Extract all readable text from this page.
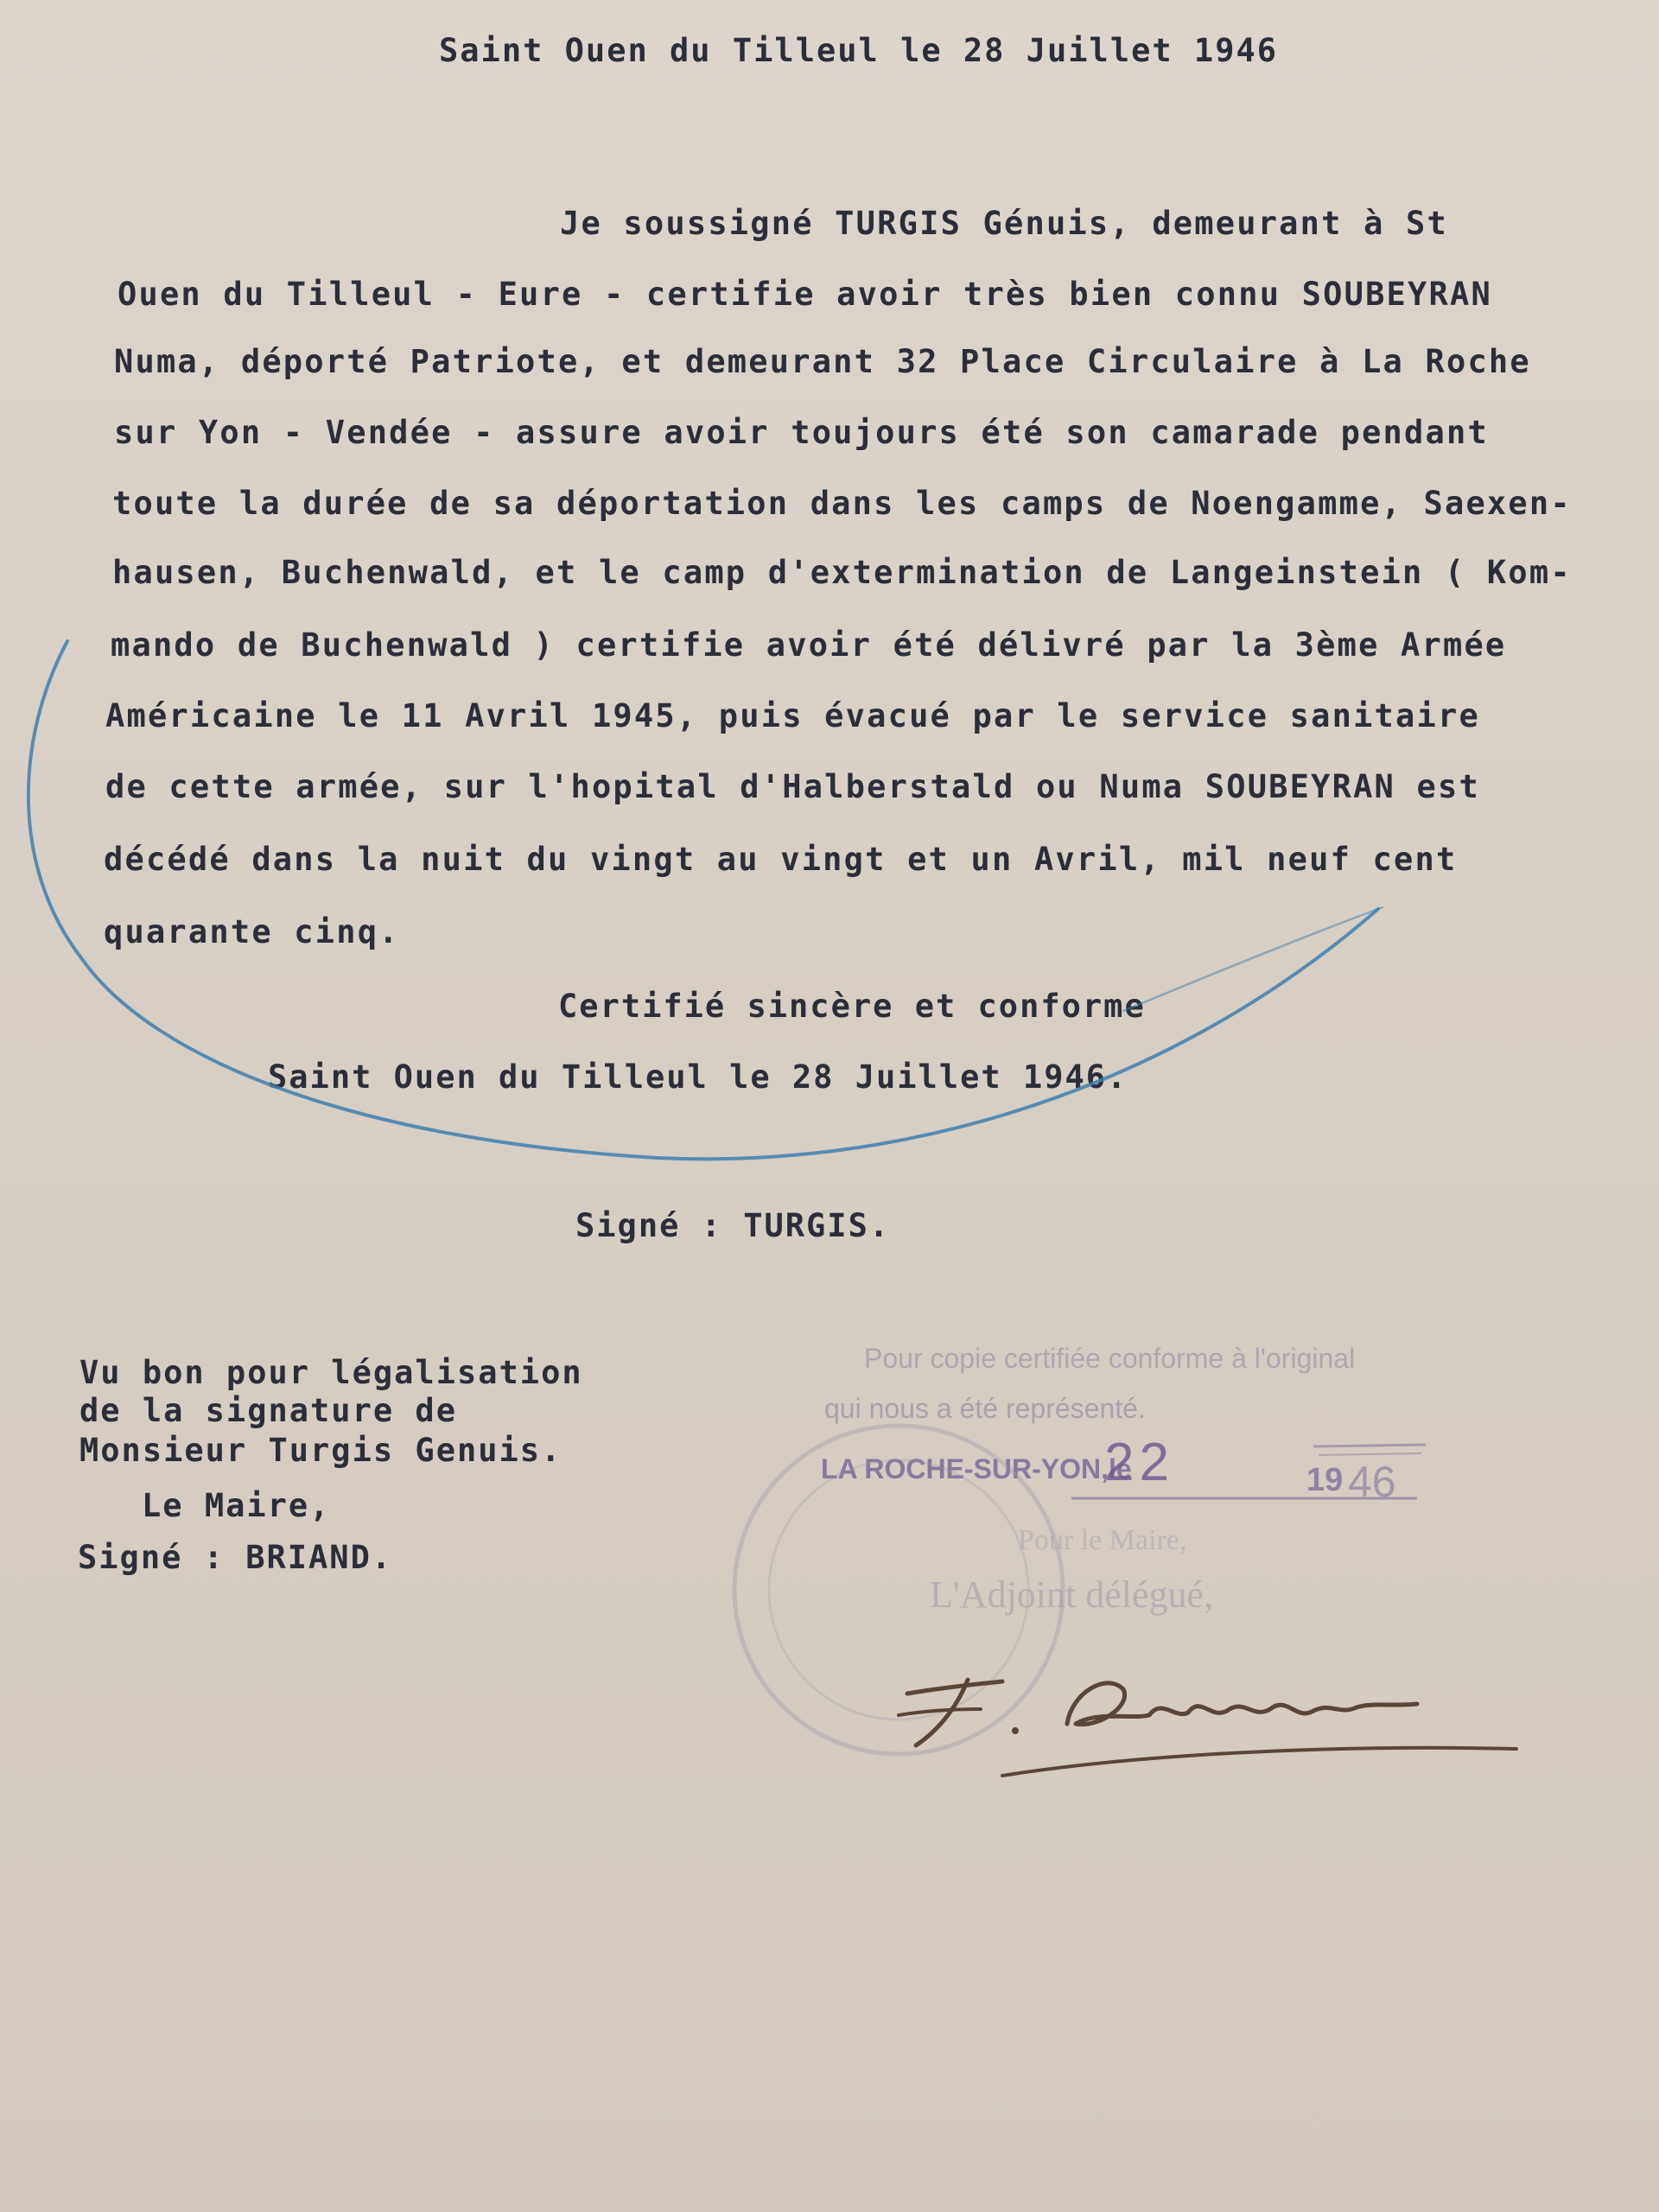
Saint Ouen du Tilleul le 28 Juillet 1946
Je soussigné TURGIS Génuis, demeurant à St
Ouen du Tilleul - Eure - certifie avoir très bien connu SOUBEYRAN
Numa, déporté Patriote, et demeurant 32 Place Circulaire à La Roche
sur Yon - Vendée - assure avoir toujours été son camarade pendant
toute la durée de sa déportation dans les camps de Noengamme, Saexen-
hausen, Buchenwald, et le camp d'extermination de Langeinstein ( Kom-
mando de Buchenwald ) certifie avoir été délivré par la 3ème Armée
Américaine le 11 Avril 1945, puis évacué par le service sanitaire
de cette armée, sur l'hopital d'Halberstald ou Numa SOUBEYRAN est
décédé dans la nuit du vingt au vingt et un Avril, mil neuf cent
quarante cinq.
Certifié sincère et conforme
Saint Ouen du Tilleul le 28 Juillet 1946.
Signé : TURGIS.
Vu bon pour légalisation
de la signature de
Monsieur Turgis Genuis.
Le Maire,
Signé : BRIAND.
Pour copie certifiée conforme à l'original
qui nous a été représenté.
LA ROCHE-SUR-YON,le
22	19 46
Pour le Maire,
L'Adjoint délégué,
